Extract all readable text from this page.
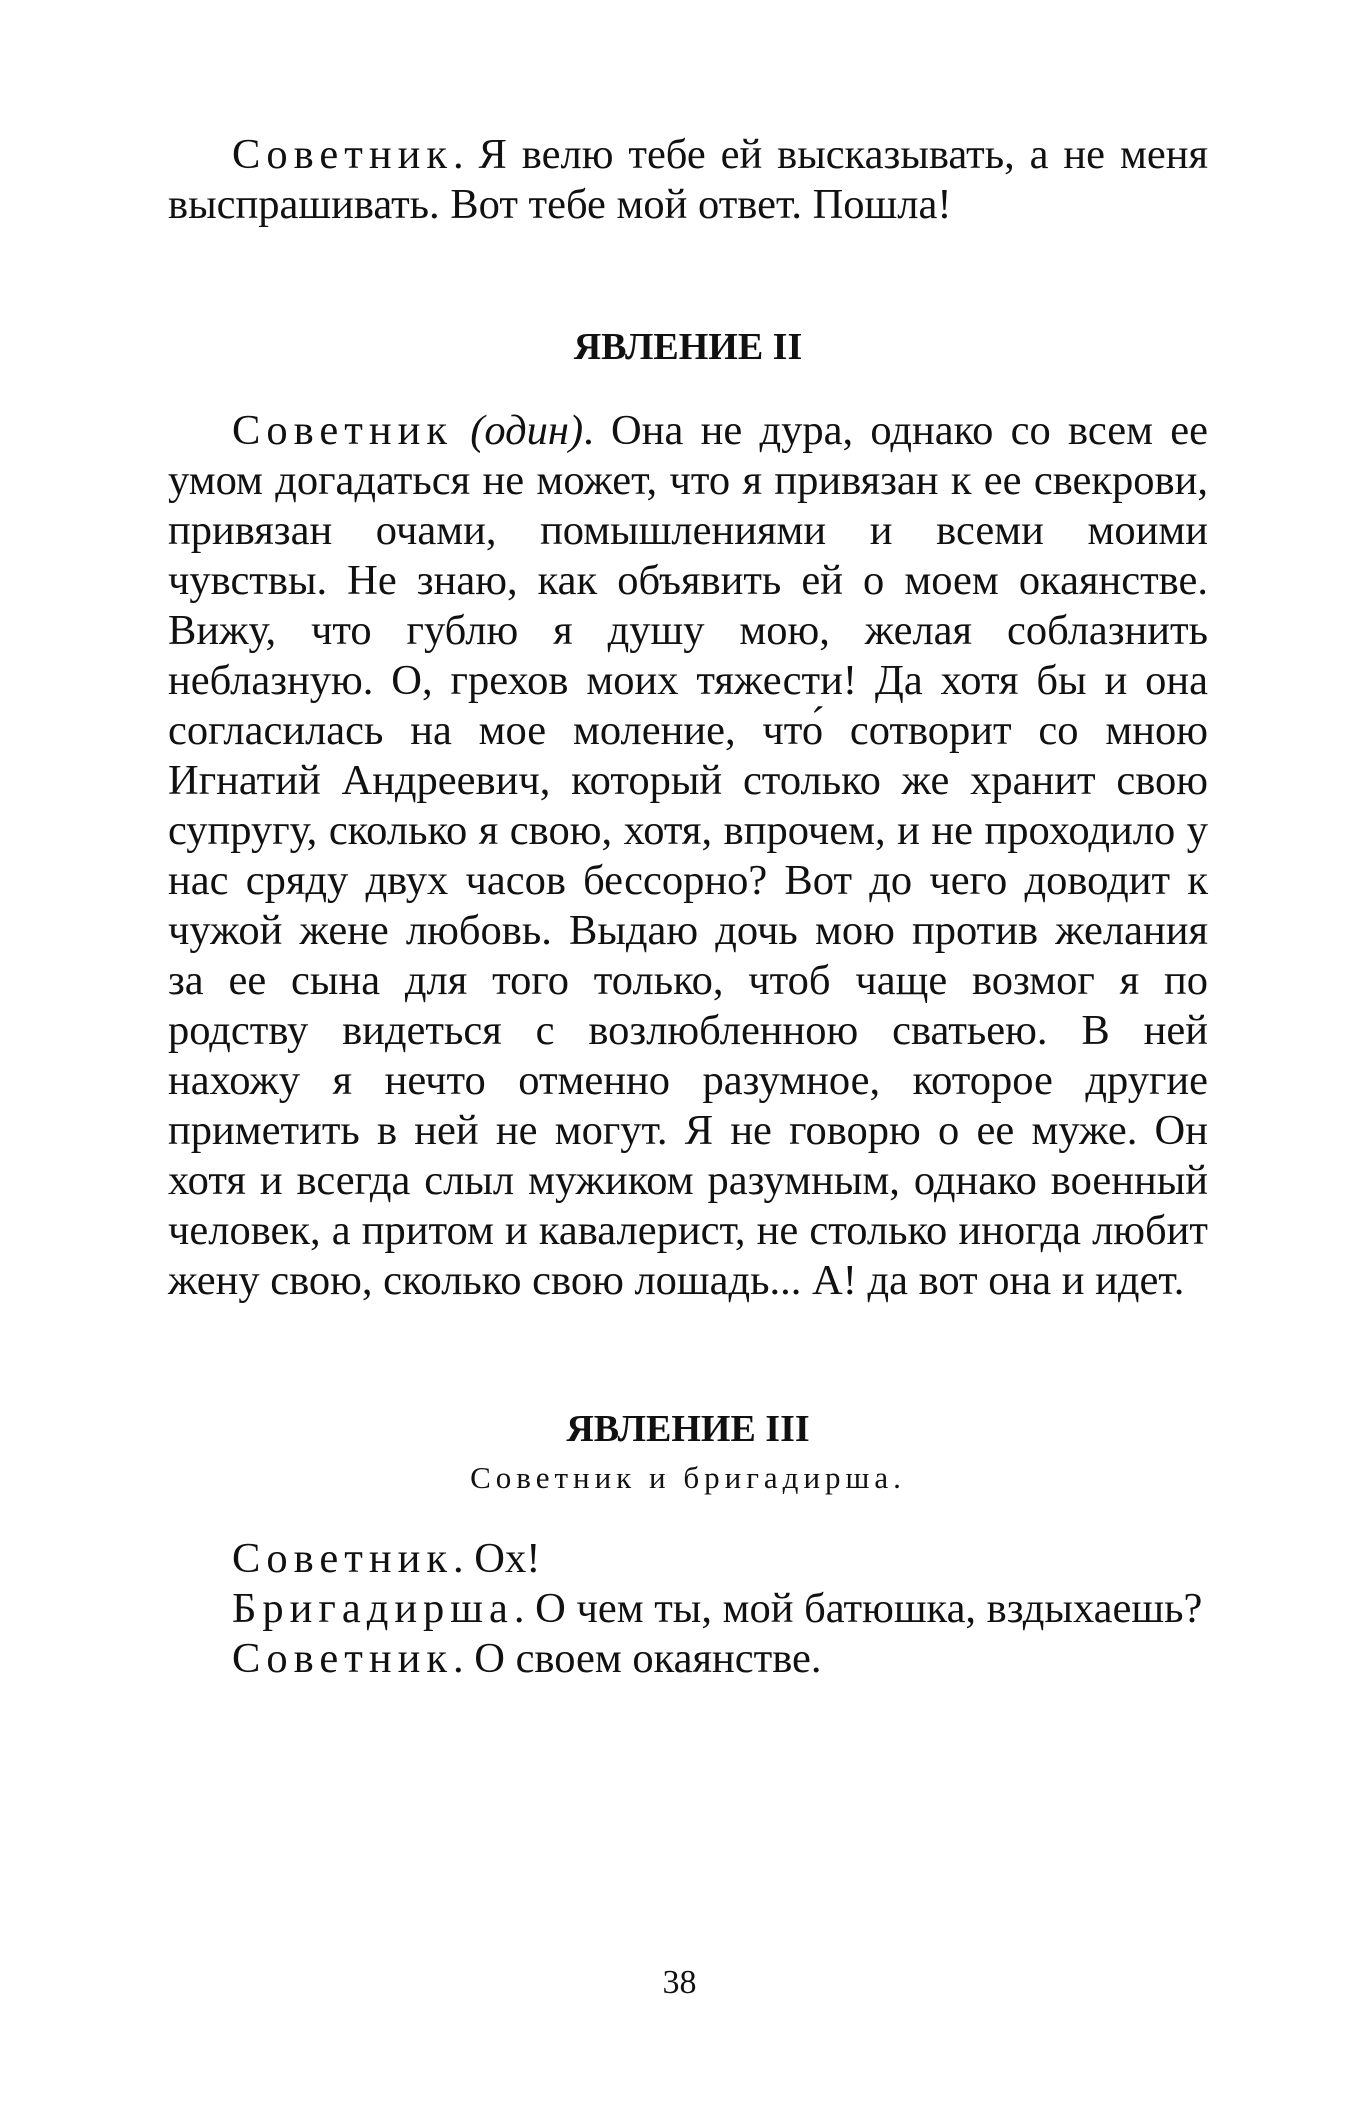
Советник. Я велю тебе ей высказывать, а не меня выспрашивать. Вот тебе мой ответ. Пошла!

ЯВЛЕНИЕ II

Советник (один). Она не дура, однако со всем ее умом догадаться не может, что я привязан к ее свекрови, привязан очами, помышлениями и всеми моими чувствы. Не знаю, как объявить ей о моем окаянстве. Вижу, что гублю я душу мою, желая соблазнить неблазную. О, грехов моих тяжести! Да хотя бы и она согласилась на мое моление, что́ сотворит со мною Игнатий Андреевич, который столько же хранит свою супругу, сколько я свою, хотя, впрочем, и не проходило у нас сряду двух часов бессорно? Вот до чего доводит к чужой жене любовь. Выдаю дочь мою против желания за ее сына для того только, чтоб чаще возмог я по родству видеться с возлюбленною сватьею. В ней нахожу я нечто отменно разумное, которое другие приметить в ней не могут. Я не говорю о ее муже. Он хотя и всегда слыл мужиком разумным, однако военный человек, а притом и кавалерист, не столько иногда любит жену свою, сколько свою лошадь... А! да вот она и идет.

ЯВЛЕНИЕ III
Советник и бригадирша.

Советник. Ох!

Бригадирша. О чем ты, мой батюшка, вздыхаешь?

Советник. О своем окаянстве.

38
